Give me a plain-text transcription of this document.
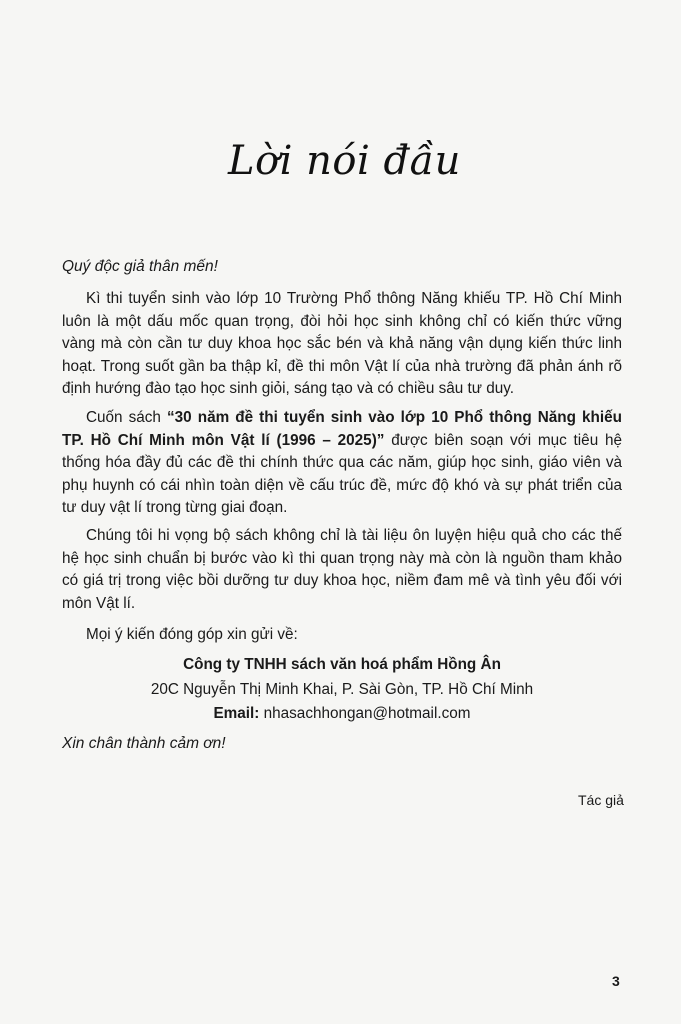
Lời nói đầu
Quý độc giả thân mến!
Kì thi tuyển sinh vào lớp 10 Trường Phổ thông Năng khiếu TP. Hồ Chí Minh luôn là một dấu mốc quan trọng, đòi hỏi học sinh không chỉ có kiến thức vững vàng mà còn cần tư duy khoa học sắc bén và khả năng vận dụng kiến thức linh hoạt. Trong suốt gần ba thập kỉ, đề thi môn Vật lí của nhà trường đã phản ánh rõ định hướng đào tạo học sinh giỏi, sáng tạo và có chiều sâu tư duy.
Cuốn sách “30 năm đề thi tuyển sinh vào lớp 10 Phổ thông Năng khiếu TP. Hồ Chí Minh môn Vật lí (1996 – 2025)” được biên soạn với mục tiêu hệ thống hóa đầy đủ các đề thi chính thức qua các năm, giúp học sinh, giáo viên và phụ huynh có cái nhìn toàn diện về cấu trúc đề, mức độ khó và sự phát triển của tư duy vật lí trong từng giai đoạn.
Chúng tôi hi vọng bộ sách không chỉ là tài liệu ôn luyện hiệu quả cho các thế hệ học sinh chuẩn bị bước vào kì thi quan trọng này mà còn là nguồn tham khảo có giá trị trong việc bồi dưỡng tư duy khoa học, niềm đam mê và tình yêu đối với môn Vật lí.
Mọi ý kiến đóng góp xin gửi về:
Công ty TNHH sách văn hoá phẩm Hồng Ân
20C Nguyễn Thị Minh Khai, P. Sài Gòn, TP. Hồ Chí Minh
Email: nhasachhongan@hotmail.com
Xin chân thành cảm ơn!
Tác giả
3
